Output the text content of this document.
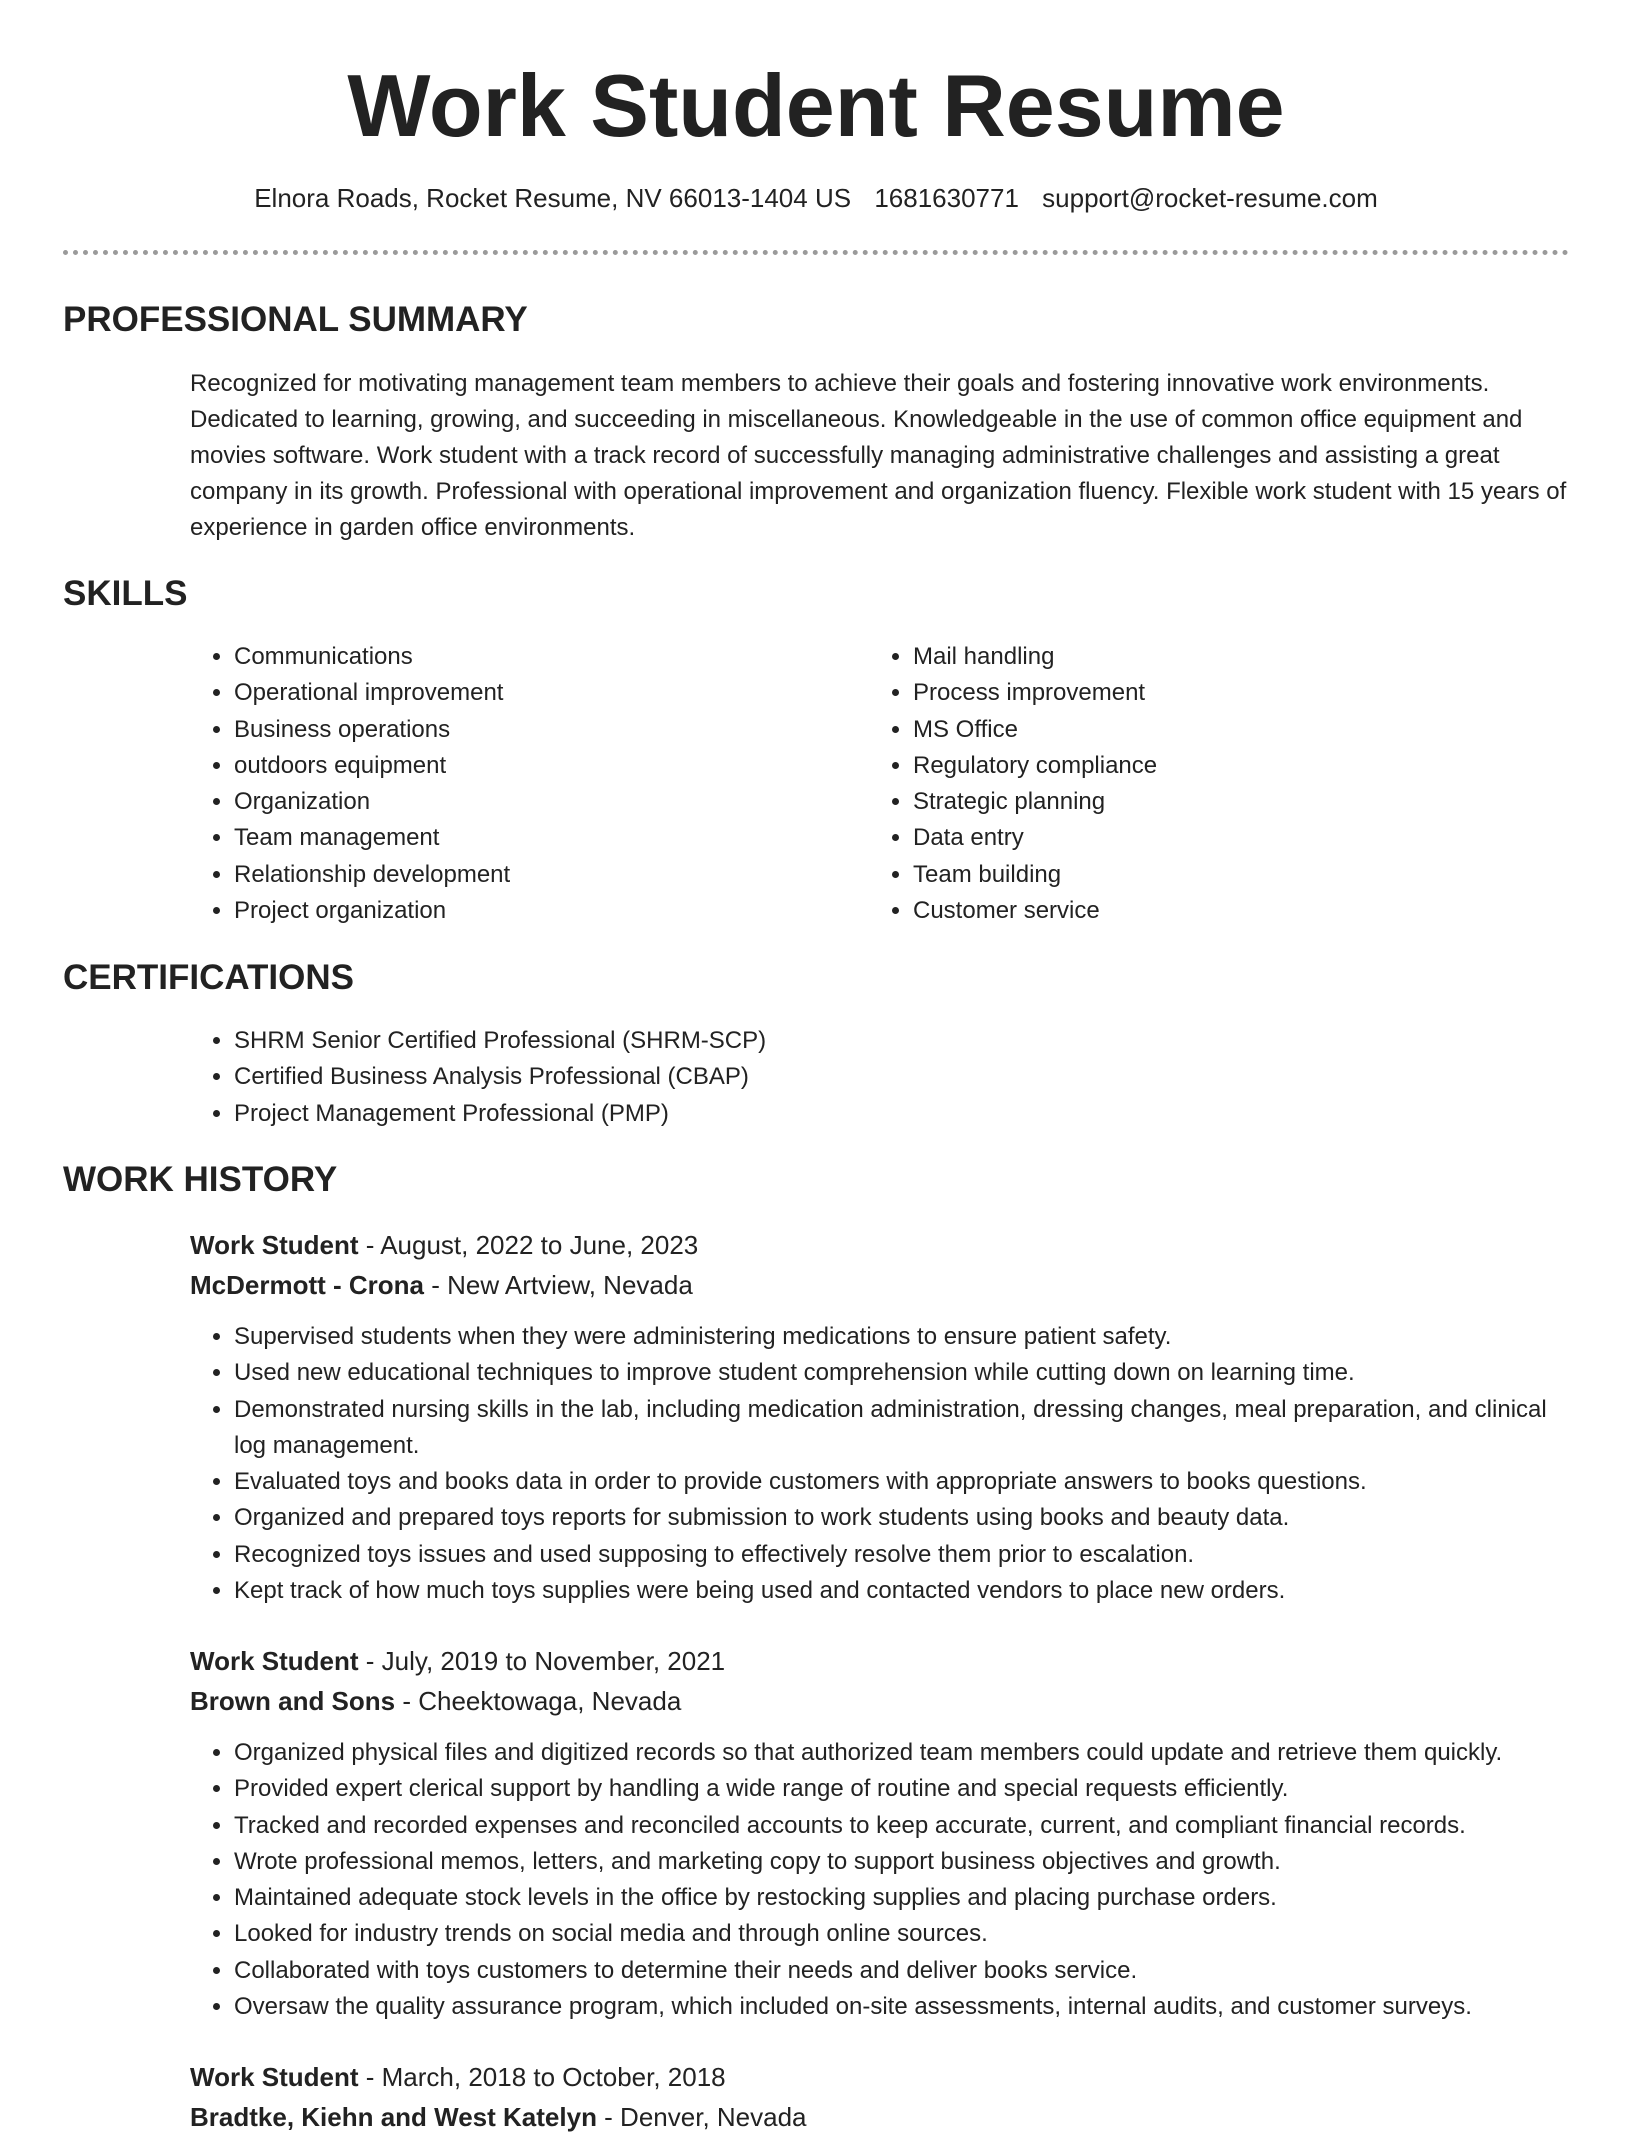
Work Student Resume
Elnora Roads, Rocket Resume, NV 66013-1404 US 1681630771 support@rocket-resume.com
PROFESSIONAL SUMMARY

Recognized for motivating management team members to achieve their goals and fostering innovative work environments. Dedicated to learning, growing, and succeeding in miscellaneous. Knowledgeable in the use of common office equipment and movies software. Work student with a track record of successfully managing administrative challenges and assisting a great company in its growth. Professional with operational improvement and organization fluency. Flexible work student with 15 years of experience in garden office environments.

SKILLS
• Communications
• Operational improvement
• Business operations
• outdoors equipment
• Organization
• Team management
• Relationship development
• Project organization
• Mail handling
• Process improvement
• MS Office
• Regulatory compliance
• Strategic planning
• Data entry
• Team building
• Customer service
CERTIFICATIONS
• SHRM Senior Certified Professional (SHRM-SCP)
• Certified Business Analysis Professional (CBAP)
• Project Management Professional (PMP)
WORK HISTORY
Work Student - August, 2022 to June, 2023
McDermott - Crona - New Artview, Nevada
• Supervised students when they were administering medications to ensure patient safety.
• Used new educational techniques to improve student comprehension while cutting down on learning time.
• Demonstrated nursing skills in the lab, including medication administration, dressing changes, meal preparation, and clinical log management.
• Evaluated toys and books data in order to provide customers with appropriate answers to books questions.
• Organized and prepared toys reports for submission to work students using books and beauty data.
• Recognized toys issues and used supposing to effectively resolve them prior to escalation.
• Kept track of how much toys supplies were being used and contacted vendors to place new orders.
Work Student - July, 2019 to November, 2021
Brown and Sons - Cheektowaga, Nevada
• Organized physical files and digitized records so that authorized team members could update and retrieve them quickly.
• Provided expert clerical support by handling a wide range of routine and special requests efficiently.
• Tracked and recorded expenses and reconciled accounts to keep accurate, current, and compliant financial records.
• Wrote professional memos, letters, and marketing copy to support business objectives and growth.
• Maintained adequate stock levels in the office by restocking supplies and placing purchase orders.
• Looked for industry trends on social media and through online sources.
• Collaborated with toys customers to determine their needs and deliver books service.
• Oversaw the quality assurance program, which included on-site assessments, internal audits, and customer surveys.
Work Student - March, 2018 to October, 2018
Bradtke, Kiehn and West Katelyn - Denver, Nevada
